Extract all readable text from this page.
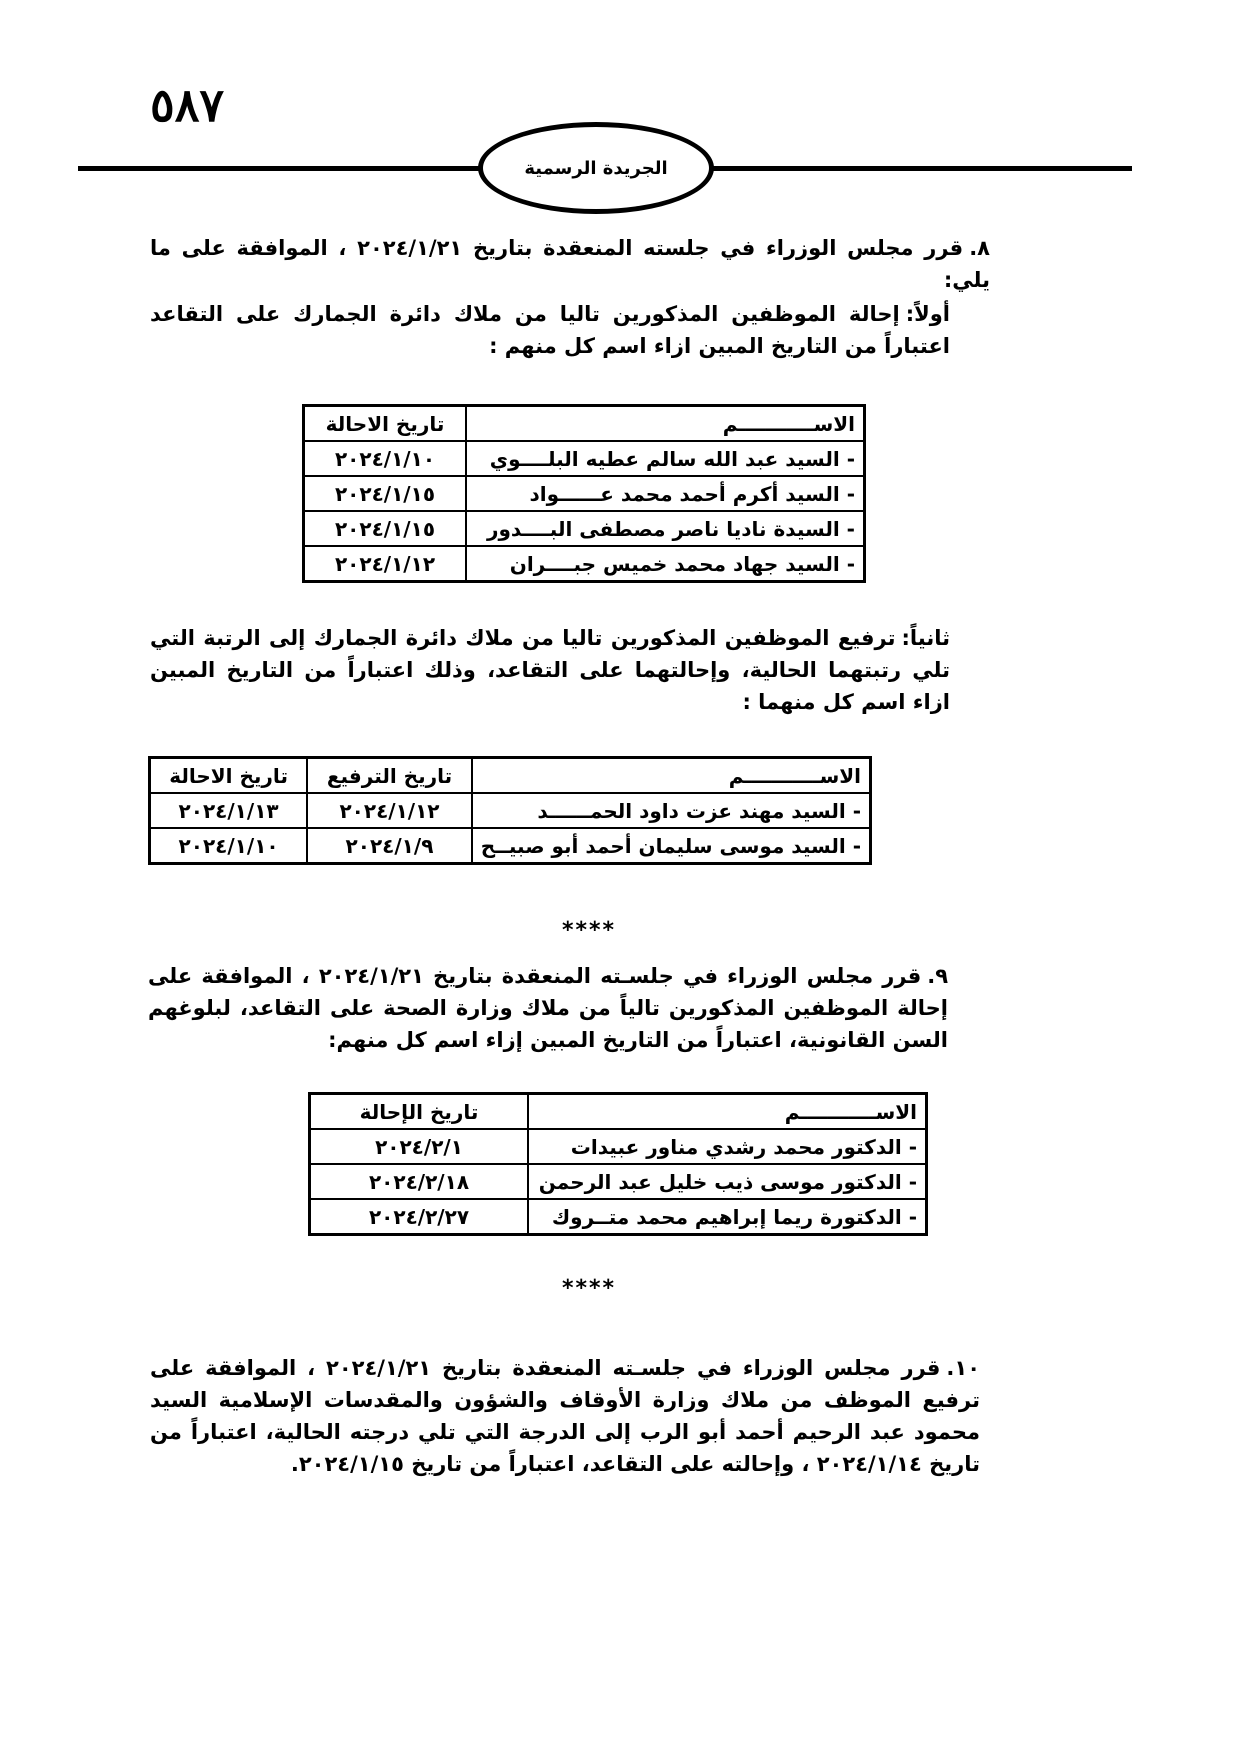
٥٨٧
الجريدة الرسمية
٨.قرر مجلس الوزراء في جلسته المنعقدة بتاريخ ٢٠٢٤/١/٢١ ، الموافقة على ما يلي:
أولاً:إحالة الموظفين المذكورين تاليا من ملاك دائرة الجمارك على التقاعد اعتباراً من التاريخ المبين ازاء اسم كل منهم :
الاســـــــــــم	تاريخ الاحالة
- السيد عبد الله سالم عطيه البلــــوي	٢٠٢٤/١/١٠
- السيد أكرم أحمد محمد عــــــواد	٢٠٢٤/١/١٥
- السيدة ناديا ناصر مصطفى البــــدور	٢٠٢٤/١/١٥
- السيد جهاد محمد خميس جبــــران	٢٠٢٤/١/١٢
ثانياً:ترفيع الموظفين المذكورين تاليا من ملاك دائرة الجمارك إلى الرتبة التي تلي رتبتهما الحالية، وإحالتهما على التقاعد، وذلك اعتباراً من التاريخ المبين ازاء اسم كل منهما :
الاســـــــــــم	تاريخ الترفيع	تاريخ الاحالة
- السيد مهند عزت داود الحمــــــد	٢٠٢٤/١/١٢	٢٠٢٤/١/١٣
- السيد موسى سليمان أحمد أبو صبيــح	٢٠٢٤/١/٩	٢٠٢٤/١/١٠
****
٩.قرر مجلس الوزراء في جلسـته المنعقدة بتاريخ ٢٠٢٤/١/٢١ ، الموافقة على إحالة الموظفين المذكورين تالياً من ملاك وزارة الصحة على التقاعد، لبلوغهم السن القانونية، اعتباراً من التاريخ المبين إزاء اسم كل منهم:
الاســـــــــــم	تاريخ الإحالة
- الدكتور محمد رشدي مناور عبيدات	٢٠٢٤/٢/١
- الدكتور موسى ذيب خليل عبد الرحمن	٢٠٢٤/٢/١٨
- الدكتورة ريما إبراهيم محمد متــروك	٢٠٢٤/٢/٢٧
****
١٠.قرر مجلس الوزراء في جلسـته المنعقدة بتاريخ ٢٠٢٤/١/٢١ ، الموافقة على ترفيع الموظف من ملاك وزارة الأوقاف والشؤون والمقدسات الإسلامية السيد محمود عبد الرحيم أحمد أبو الرب إلى الدرجة التي تلي درجته الحالية، اعتباراً من تاريخ ٢٠٢٤/١/١٤ ، وإحالته على التقاعد، اعتباراً من تاريخ ٢٠٢٤/١/١٥.
